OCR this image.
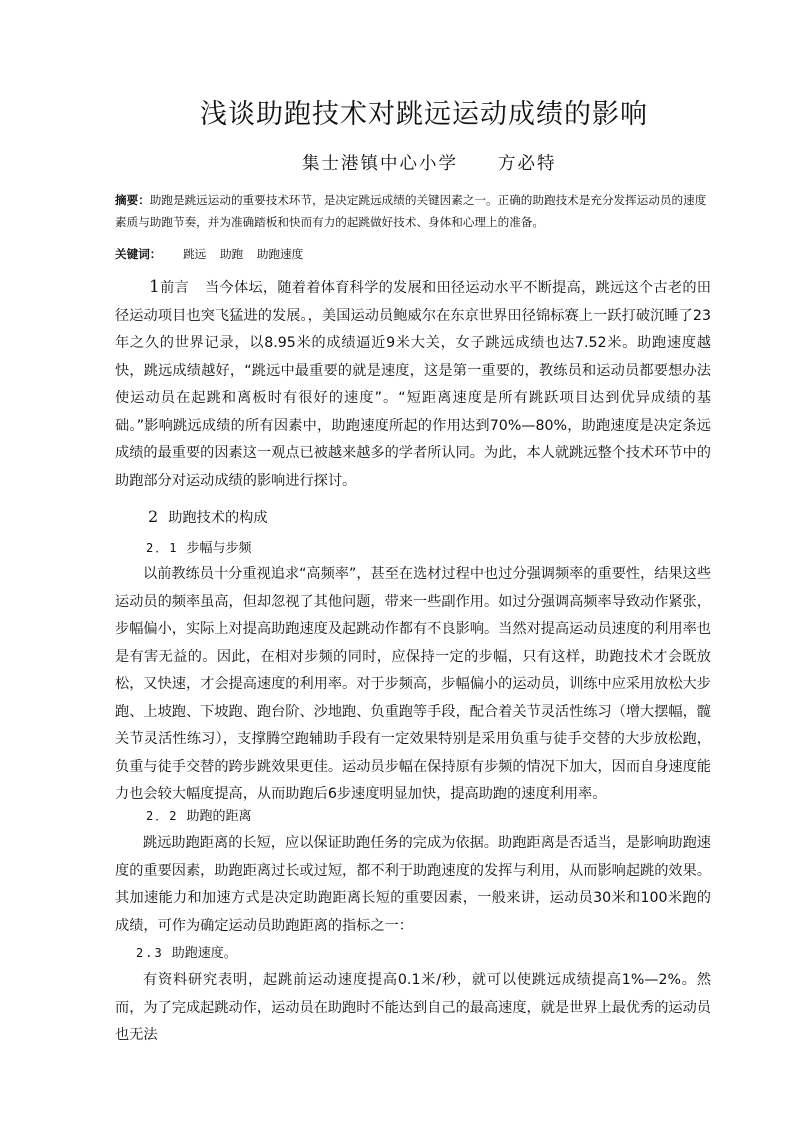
浅谈助跑技术对跳远运动成绩的影响
集士港镇中心小学 方必特
摘要：助跑是跳远运动的重要技术环节，是决定跳远成绩的关键因素之一。正确的助跑技术是充分发挥运动员的速度素质与助跑节奏，并为准确踏板和快而有力的起跳做好技术、身体和心理上的准备。
关键词： 跳远 助跑 助跑速度
1前言 当今体坛，随着着体育科学的发展和田径运动水平不断提高，跳远这个古老的田径运动项目也突飞猛进的发展。，美国运动员鲍威尔在东京世界田径锦标赛上一跃打破沉睡了23年之久的世界记录，以8.95米的成绩逼近9米大关，女子跳远成绩也达7.52米。助跑速度越快，跳远成绩越好，“跳远中最重要的就是速度，这是第一重要的，教练员和运动员都要想办法使运动员在起跳和离板时有很好的速度”。“短距离速度是所有跳跃项目达到优异成绩的基础。”影响跳远成绩的所有因素中，助跑速度所起的作用达到70%—80%，助跑速度是决定条远成绩的最重要的因素这一观点已被越来越多的学者所认同。为此，本人就跳远整个技术环节中的助跑部分对运动成绩的影响进行探讨。
2 助跑技术的构成
2．1 步幅与步频
以前教练员十分重视追求“高频率”，甚至在选材过程中也过分强调频率的重要性，结果这些运动员的频率虽高，但却忽视了其他问题，带来一些副作用。如过分强调高频率导致动作紧张，步幅偏小，实际上对提高助跑速度及起跳动作都有不良影响。当然对提高运动员速度的利用率也是有害无益的。因此，在相对步频的同时，应保持一定的步幅，只有这样，助跑技术才会既放松，又快速，才会提高速度的利用率。对于步频高，步幅偏小的运动员，训练中应采用放松大步跑、上坡跑、下坡跑、跑台阶、沙地跑、负重跑等手段，配合着关节灵活性练习（增大摆幅，髋关节灵活性练习），支撑腾空跑辅助手段有一定效果特别是采用负重与徒手交替的大步放松跑，负重与徒手交替的跨步跳效果更佳。运动员步幅在保持原有步频的情况下加大，因而自身速度能力也会较大幅度提高，从而助跑后6步速度明显加快，提高助跑的速度利用率。
2．2 助跑的距离
跳远助跑距离的长短，应以保证助跑任务的完成为依据。助跑距离是否适当，是影响助跑速度的重要因素，助跑距离过长或过短，都不利于助跑速度的发挥与利用，从而影响起跳的效果。其加速能力和加速方式是决定助跑距离长短的重要因素，一般来讲，运动员30米和100米跑的成绩，可作为确定运动员助跑距离的指标之一：
2.3 助跑速度。
有资料研究表明，起跳前运动速度提高0.1米/秒，就可以使跳远成绩提高1%—2%。然而，为了完成起跳动作，运动员在助跑时不能达到自己的最高速度，就是世界上最优秀的运动员也无法
